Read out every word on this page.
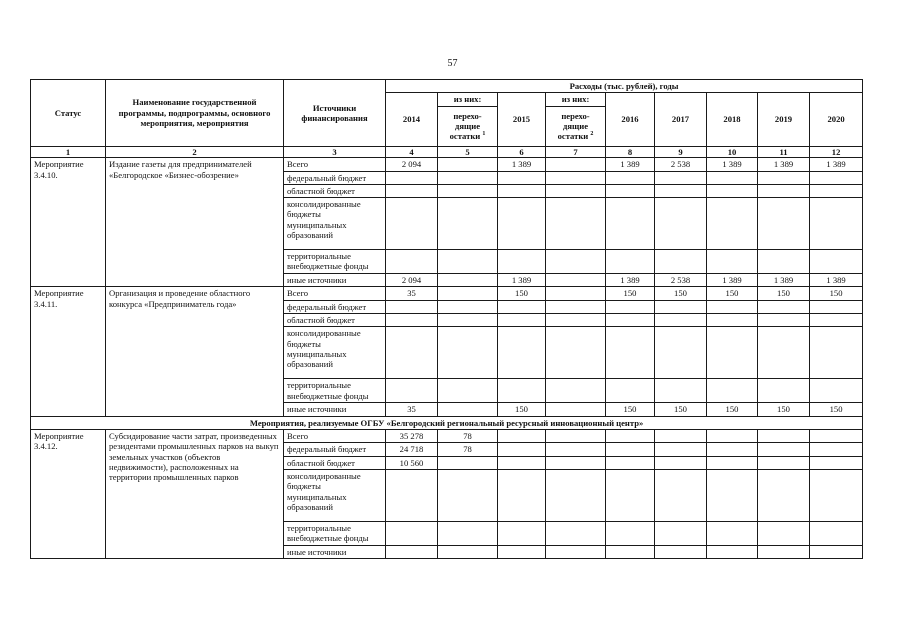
57
Статус	Наименование государственной программы, подпрограммы, основного мероприятия, мероприятия	Источники финансирования	Расходы (тыс. рублей), годы								
			2014	из них:	2015	из них:	2016	2017	2018	2019	2020
				перехо-дящие остатки $^1$		перехо-дящие остатки $^2$
1	2	3	4	5	6	7	8	9	10	11	12
Мероприятие 3.4.10.	Издание газеты для предпринимателей «Белгородское «Бизнес-обозрение»	Всего	2 094		1 389		1 389	2 538	1 389	1 389	1 389
		федеральный бюджет									
		областной бюджет									
		консолидированные бюджеты муниципальных образований									
		территориальные внебюджетные фонды									
		иные источники	2 094		1 389		1 389	2 538	1 389	1 389	1 389
Мероприятие 3.4.11.	Организация и проведение областного конкурса «Предприниматель года»	Всего	35		150		150	150	150	150	150
		федеральный бюджет									
		областной бюджет									
		консолидированные бюджеты муниципальных образований									
		территориальные внебюджетные фонды									
		иные источники	35		150		150	150	150	150	150
Мероприятия, реализуемые ОГБУ «Белгородский региональный ресурсный инновационный центр»											
Мероприятие 3.4.12.	Субсидирование части затрат, произведенных резидентами промышленных парков на выкуп земельных участков (объектов недвижимости), расположенных на территории промышленных парков	Всего	35 278	78							
		федеральный бюджет	24 718	78							
		областной бюджет	10 560								
		консолидированные бюджеты муниципальных образований									
		территориальные внебюджетные фонды									
		иные источники									
